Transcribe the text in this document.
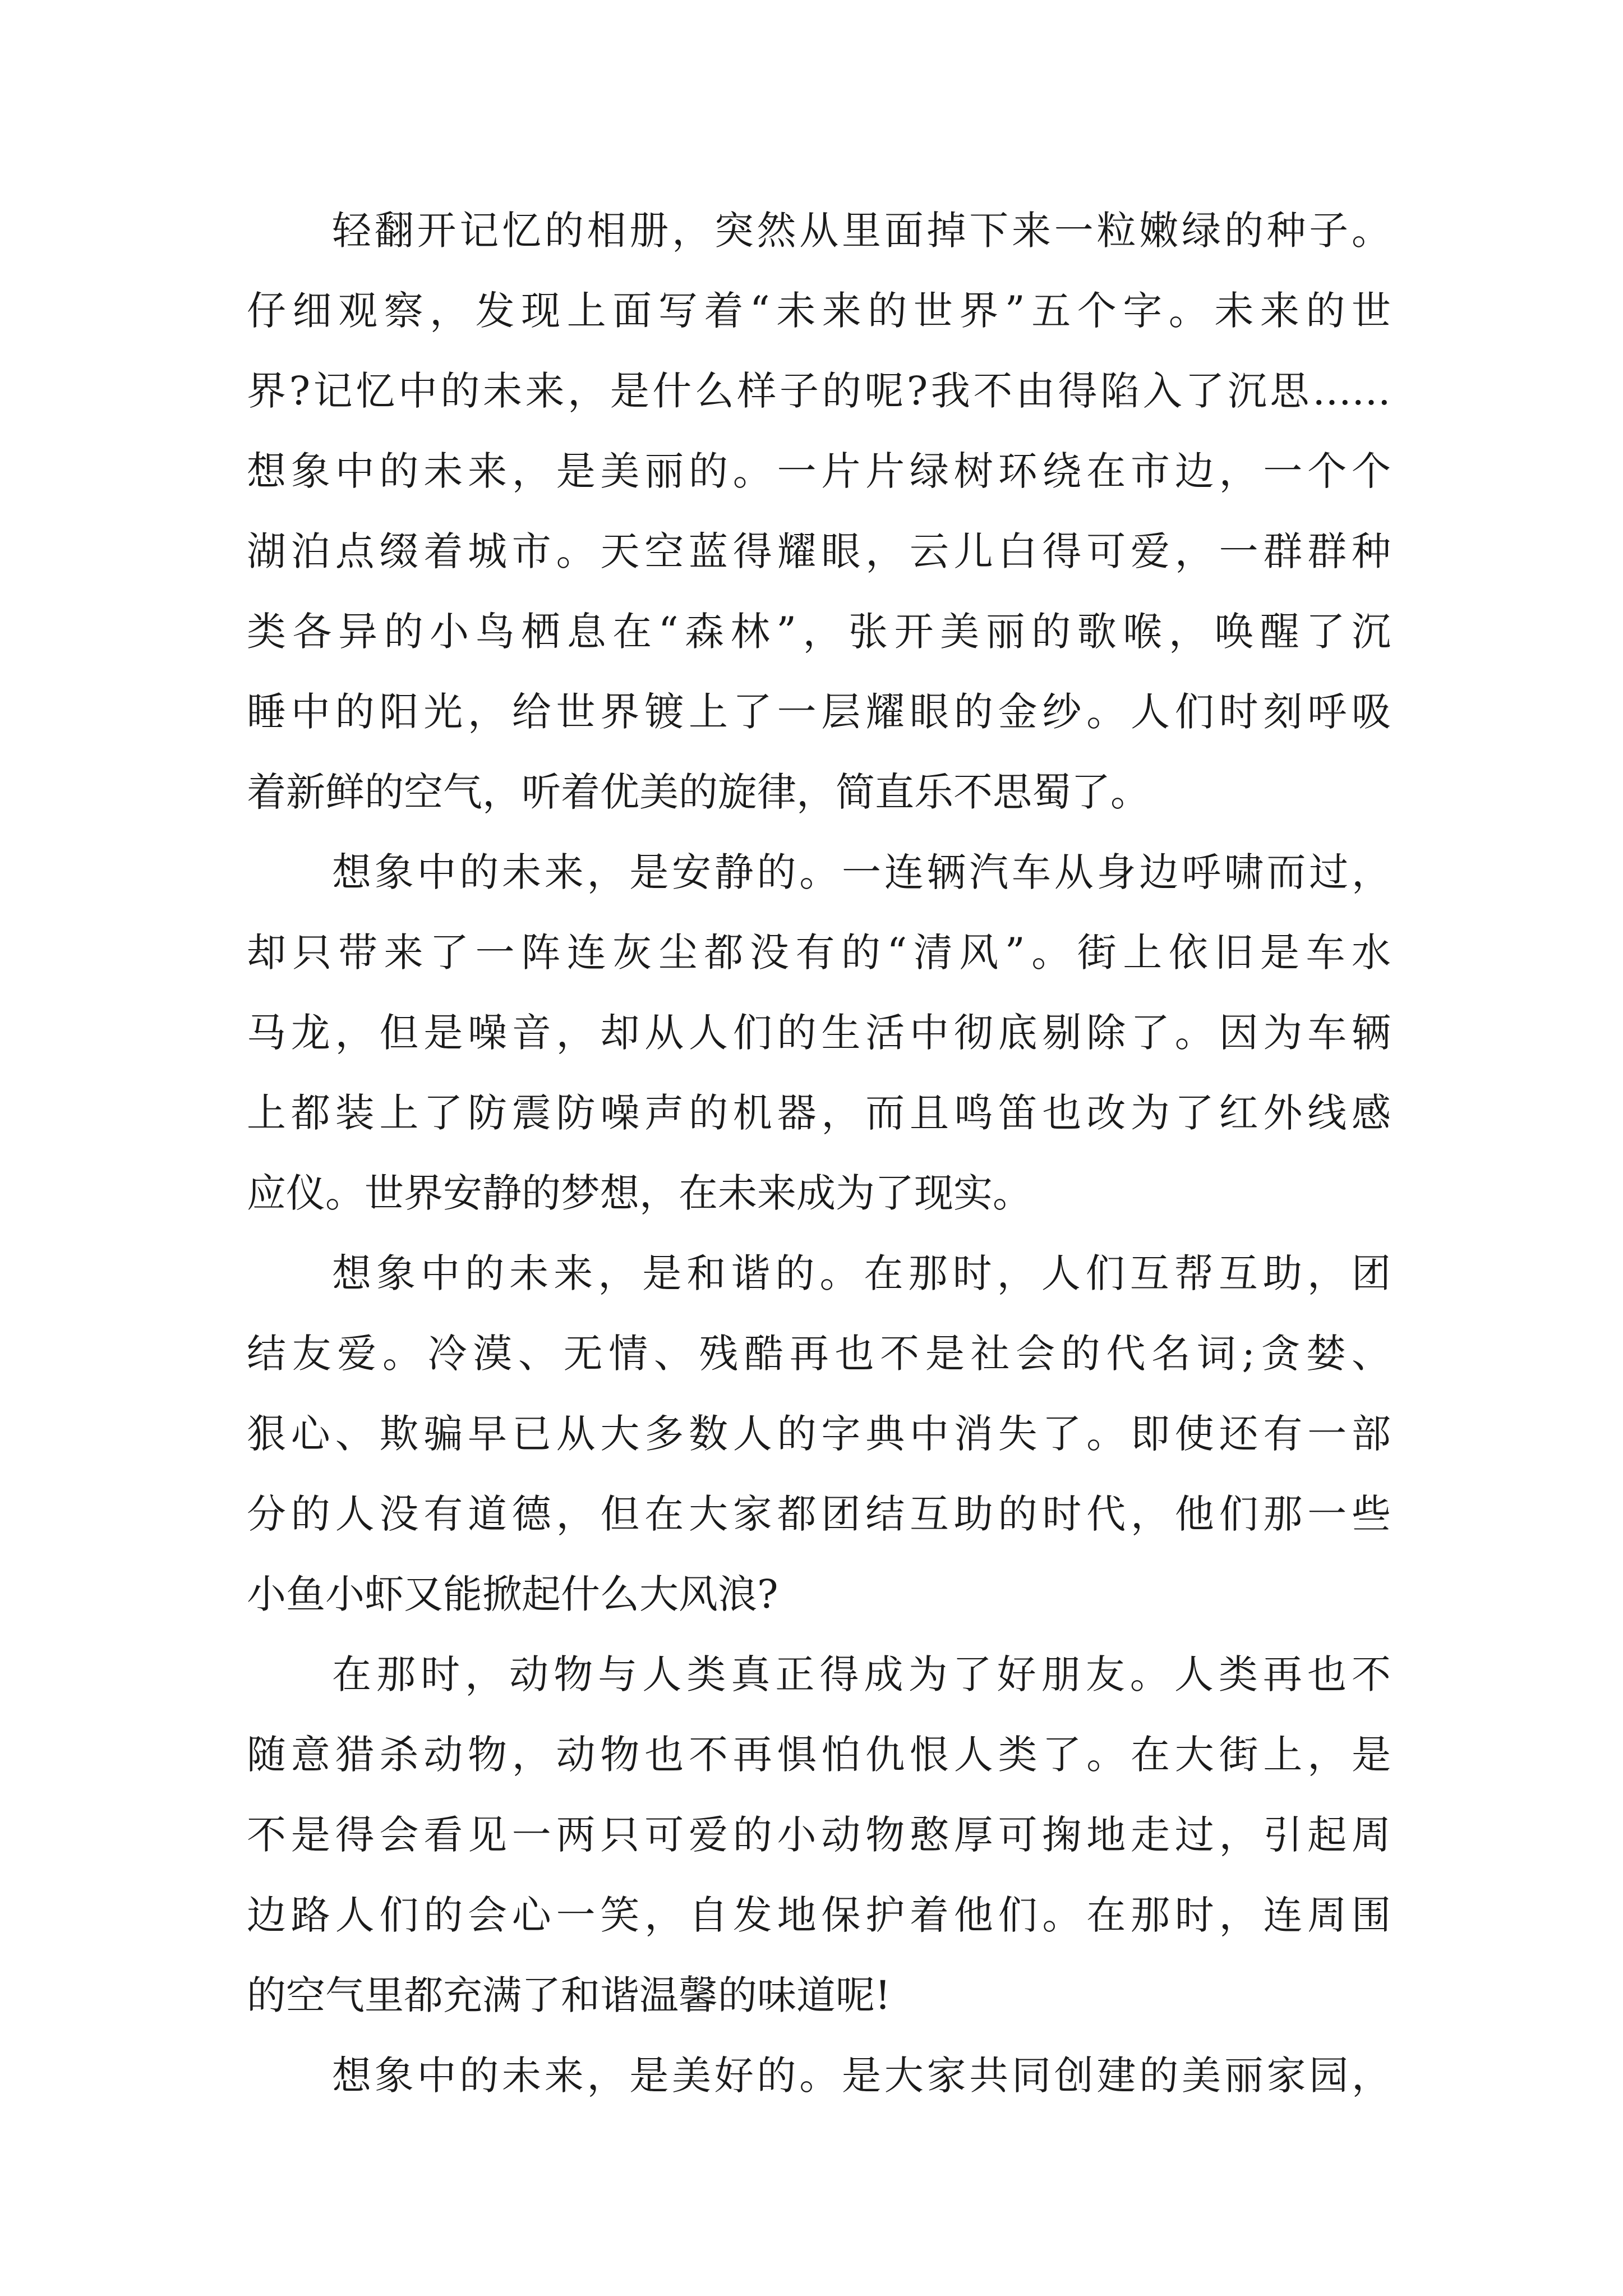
轻翻开记忆的相册，突然从里面掉下来一粒嫩绿的种子。
仔细观察，发现上面写着“未来的世界”五个字。未来的世
界?记忆中的未来，是什么样子的呢?我不由得陷入了沉思……
想象中的未来，是美丽的。一片片绿树环绕在市边，一个个
湖泊点缀着城市。天空蓝得耀眼，云儿白得可爱，一群群种
类各异的小鸟栖息在“森林”，张开美丽的歌喉，唤醒了沉
睡中的阳光，给世界镀上了一层耀眼的金纱。人们时刻呼吸
着新鲜的空气，听着优美的旋律，简直乐不思蜀了。
想象中的未来，是安静的。一连辆汽车从身边呼啸而过，
却只带来了一阵连灰尘都没有的“清风”。街上依旧是车水
马龙，但是噪音，却从人们的生活中彻底剔除了。因为车辆
上都装上了防震防噪声的机器，而且鸣笛也改为了红外线感
应仪。世界安静的梦想，在未来成为了现实。
想象中的未来，是和谐的。在那时，人们互帮互助，团
结友爱。冷漠、无情、残酷再也不是社会的代名词;贪婪、
狠心、欺骗早已从大多数人的字典中消失了。即使还有一部
分的人没有道德，但在大家都团结互助的时代，他们那一些
小鱼小虾又能掀起什么大风浪?
在那时，动物与人类真正得成为了好朋友。人类再也不
随意猎杀动物，动物也不再惧怕仇恨人类了。在大街上，是
不是得会看见一两只可爱的小动物憨厚可掬地走过，引起周
边路人们的会心一笑，自发地保护着他们。在那时，连周围
的空气里都充满了和谐温馨的味道呢!
想象中的未来，是美好的。是大家共同创建的美丽家园，
